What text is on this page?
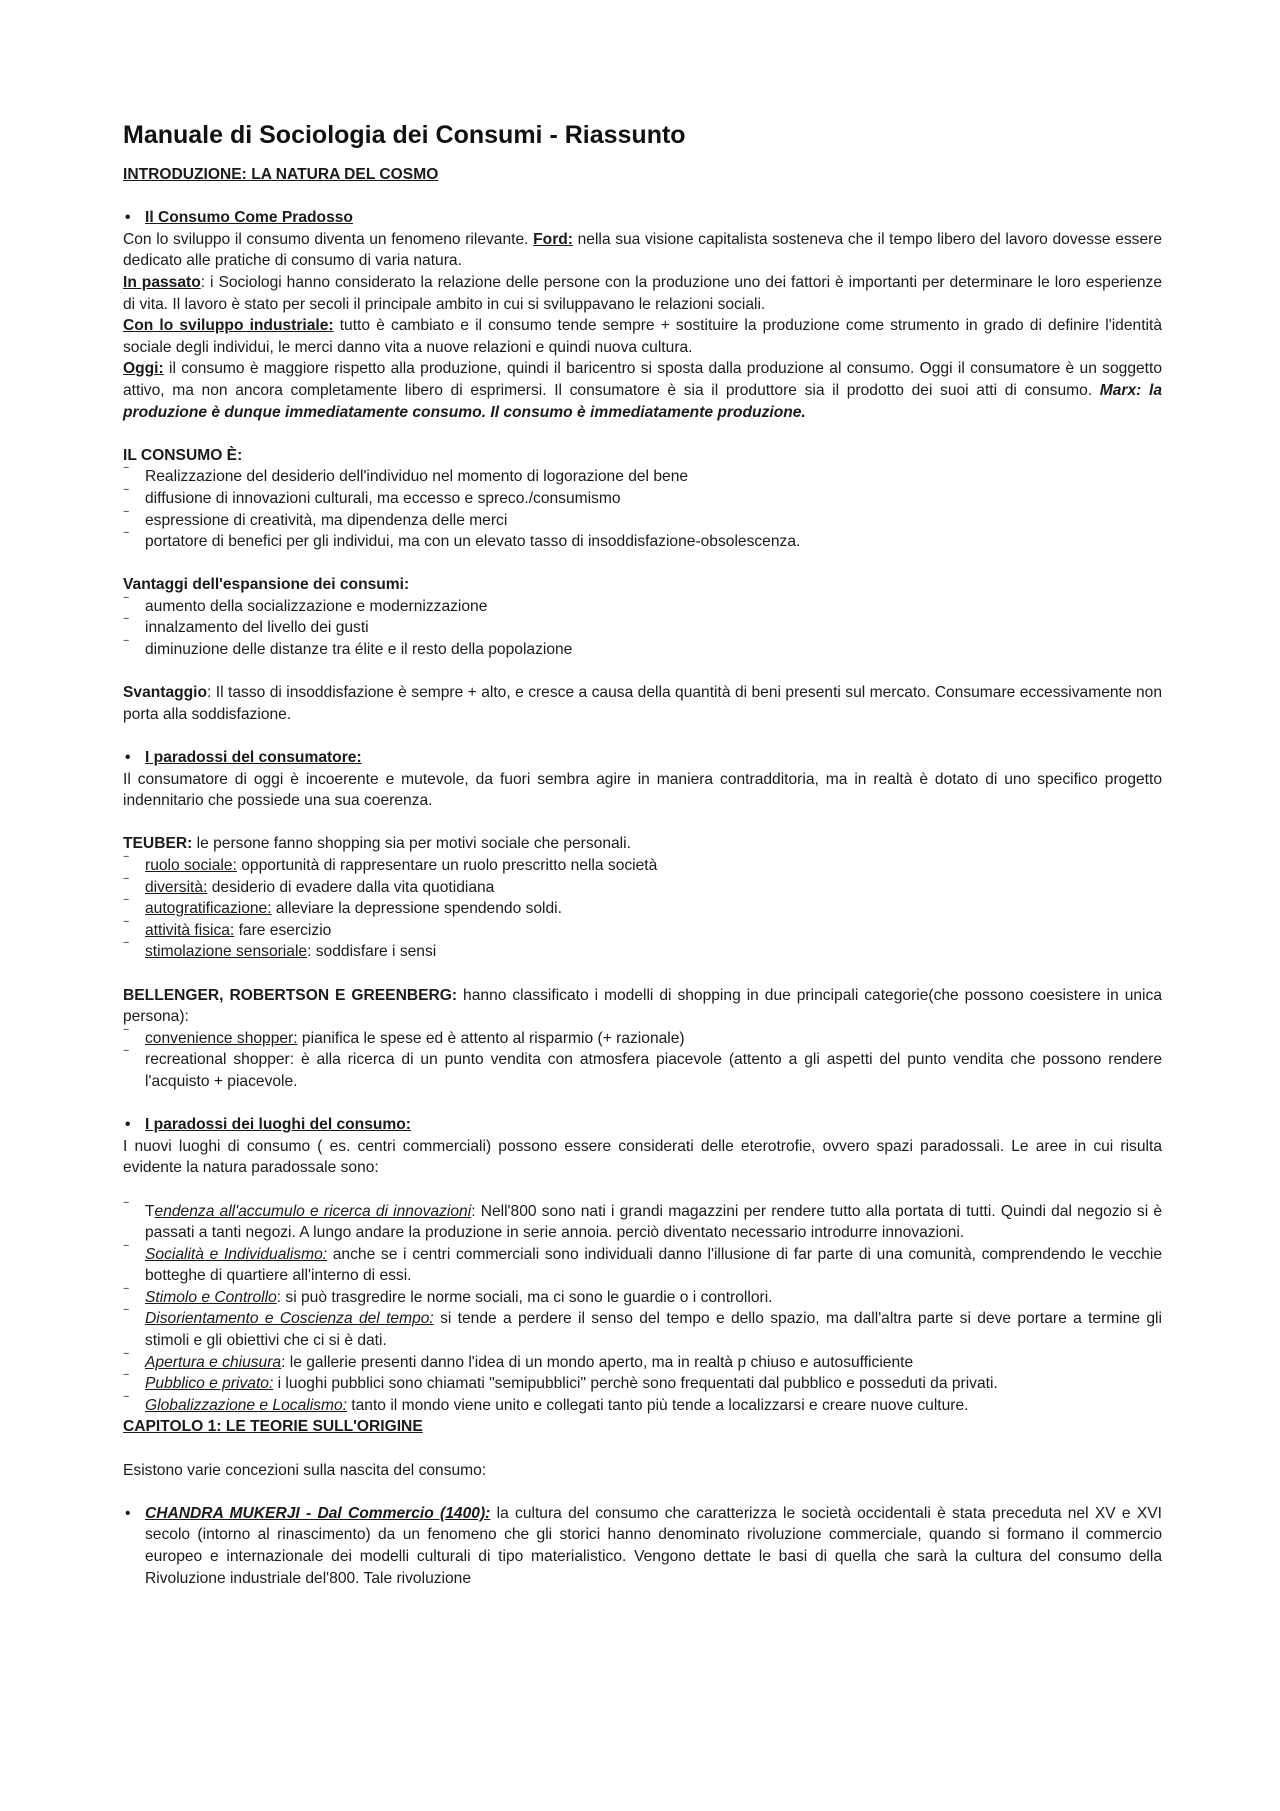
Manuale di Sociologia dei Consumi - Riassunto

INTRODUZIONE: LA NATURA DEL COSMO

• Il Consumo Come Pradosso

Con lo sviluppo il consumo diventa un fenomeno rilevante. Ford: nella sua visione capitalista sosteneva che il tempo libero del lavoro dovesse essere dedicato alle pratiche di consumo di varia natura.

In passato: i Sociologi hanno considerato la relazione delle persone con la produzione uno dei fattori è importanti per determinare le loro esperienze di vita. Il lavoro è stato per secoli il principale ambito in cui si sviluppavano le relazioni sociali.

Con lo sviluppo industriale: tutto è cambiato e il consumo tende sempre + sostituire la produzione come strumento in grado di definire l'identità sociale degli individui, le merci danno vita a nuove relazioni e quindi nuova cultura.

Oggi: il consumo è maggiore rispetto alla produzione, quindi il baricentro si sposta dalla produzione al consumo. Oggi il consumatore è un soggetto attivo, ma non ancora completamente libero di esprimersi. Il consumatore è sia il produttore sia il prodotto dei suoi atti di consumo. Marx: la produzione è dunque immediatamente consumo. Il consumo è immediatamente produzione.

IL CONSUMO È:

‾ Realizzazione del desiderio dell'individuo nel momento di logorazione del bene

‾ diffusione di innovazioni culturali, ma eccesso e spreco./consumismo

‾ espressione di creatività, ma dipendenza delle merci

‾ portatore di benefici per gli individui, ma con un elevato tasso di insoddisfazione-obsolescenza.

Vantaggi dell'espansione dei consumi:

‾ aumento della socializzazione e modernizzazione

‾ innalzamento del livello dei gusti

‾ diminuzione delle distanze tra élite e il resto della popolazione

Svantaggio: Il tasso di insoddisfazione è sempre + alto, e cresce a causa della quantità di beni presenti sul mercato. Consumare eccessivamente non porta alla soddisfazione.

• I paradossi del consumatore:

Il consumatore di oggi è incoerente e mutevole, da fuori sembra agire in maniera contradditoria, ma in realtà è dotato di uno specifico progetto indennitario che possiede una sua coerenza.

TEUBER: le persone fanno shopping sia per motivi sociale che personali.

‾ ruolo sociale: opportunità di rappresentare un ruolo prescritto nella società

‾ diversità: desiderio di evadere dalla vita quotidiana

‾ autogratificazione: alleviare la depressione spendendo soldi.

‾ attività fisica: fare esercizio

‾ stimolazione sensoriale: soddisfare i sensi

BELLENGER, ROBERTSON E GREENBERG: hanno classificato i modelli di shopping in due principali categorie(che possono coesistere in unica persona):

‾ convenience shopper: pianifica le spese ed è attento al risparmio (+ razionale)

‾ recreational shopper: è alla ricerca di un punto vendita con atmosfera piacevole (attento a gli aspetti del punto vendita che possono rendere l'acquisto + piacevole.

• I paradossi dei luoghi del consumo:

I nuovi luoghi di consumo ( es. centri commerciali) possono essere considerati delle eterotrofie, ovvero spazi paradossali. Le aree in cui risulta evidente la natura paradossale sono:

‾ Tendenza all'accumulo e ricerca di innovazioni: Nell'800 sono nati i grandi magazzini per rendere tutto alla portata di tutti. Quindi dal negozio si è passati a tanti negozi. A lungo andare la produzione in serie annoia. perciò diventato necessario introdurre innovazioni.

‾ Socialità e Individualismo: anche se i centri commerciali sono individuali danno l'illusione di far parte di una comunità, comprendendo le vecchie botteghe di quartiere all'interno di essi.

‾ Stimolo e Controllo: si può trasgredire le norme sociali, ma ci sono le guardie o i controllori.

‾ Disorientamento e Coscienza del tempo: si tende a perdere il senso del tempo e dello spazio, ma dall'altra parte si deve portare a termine gli stimoli e gli obiettivi che ci si è dati.

‾ Apertura e chiusura: le gallerie presenti danno l'idea di un mondo aperto, ma in realtà p chiuso e autosufficiente

‾ Pubblico e privato: i luoghi pubblici sono chiamati "semipubblici" perchè sono frequentati dal pubblico e posseduti da privati.

‾ Globalizzazione e Localismo: tanto il mondo viene unito e collegati tanto più tende a localizzarsi e creare nuove culture.

CAPITOLO 1: LE TEORIE SULL'ORIGINE

Esistono varie concezioni sulla nascita del consumo:

• CHANDRA MUKERJI - Dal Commercio (1400): la cultura del consumo che caratterizza le società occidentali è stata preceduta nel XV e XVI secolo (intorno al rinascimento) da un fenomeno che gli storici hanno denominato rivoluzione commerciale, quando si formano il commercio europeo e internazionale dei modelli culturali di tipo materialistico. Vengono dettate le basi di quella che sarà la cultura del consumo della Rivoluzione industriale del'800. Tale rivoluzione
